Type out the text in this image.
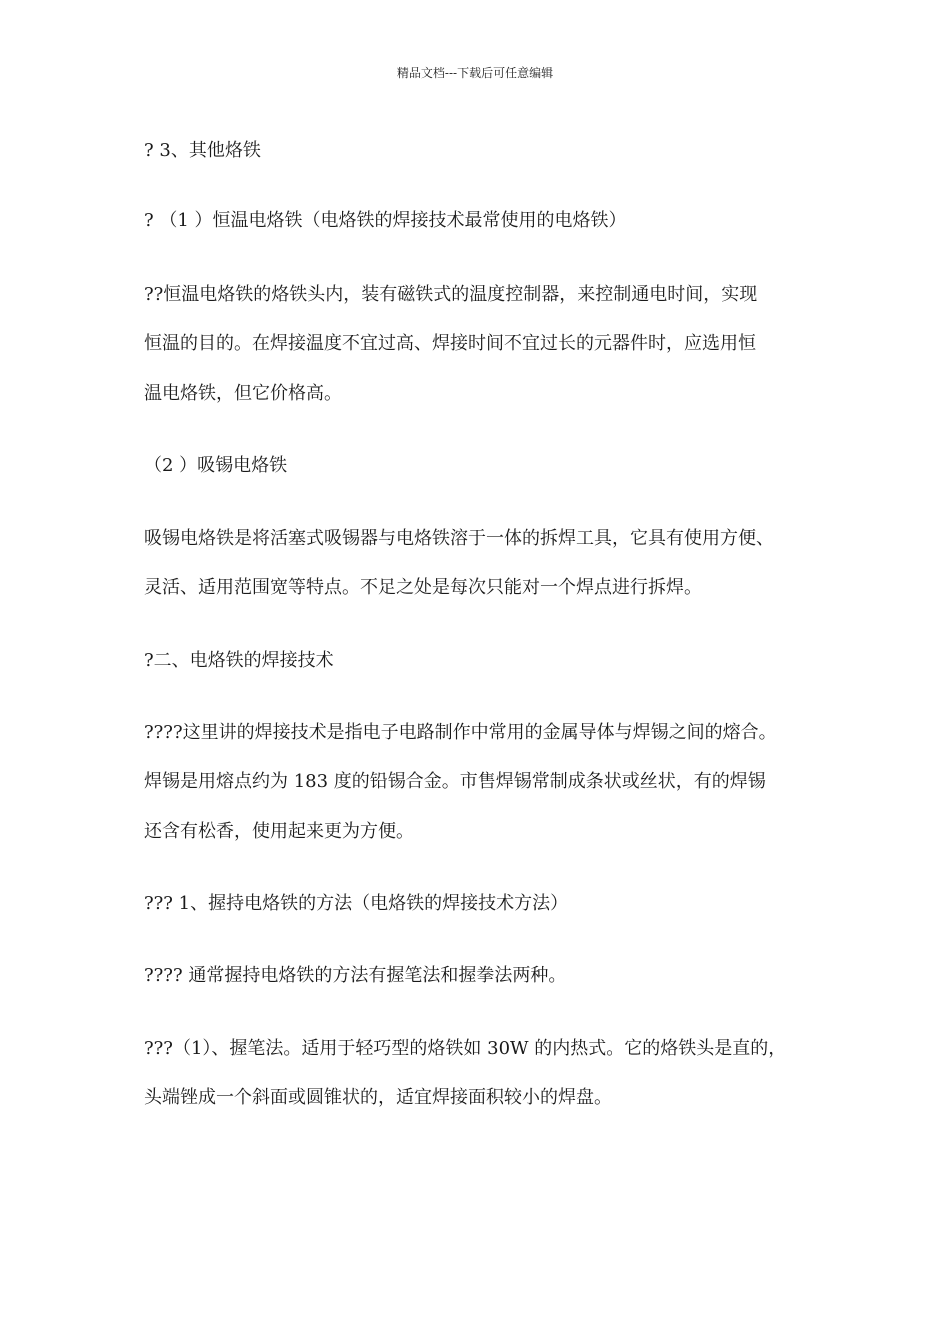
精品文档---下载后可任意编辑
? 3、其他烙铁
? （1 ）恒温电烙铁（电烙铁的焊接技术最常使用的电烙铁）
??恒温电烙铁的烙铁头内，装有磁铁式的温度控制器，来控制通电时间，实现
恒温的目的。在焊接温度不宜过高、焊接时间不宜过长的元器件时，应选用恒
温电烙铁，但它价格高。
（2 ）吸锡电烙铁
吸锡电烙铁是将活塞式吸锡器与电烙铁溶于一体的拆焊工具，它具有使用方便、
灵活、适用范围宽等特点。不足之处是每次只能对一个焊点进行拆焊。
?二、电烙铁的焊接技术
????这里讲的焊接技术是指电子电路制作中常用的金属导体与焊锡之间的熔合。
焊锡是用熔点约为 183 度的铅锡合金。市售焊锡常制成条状或丝状，有的焊锡
还含有松香，使用起来更为方便。
??? 1、握持电烙铁的方法（电烙铁的焊接技术方法）
???? 通常握持电烙铁的方法有握笔法和握拳法两种。
???（1）、握笔法。适用于轻巧型的烙铁如 30W 的内热式。它的烙铁头是直的，
头端锉成一个斜面或圆锥状的，适宜焊接面积较小的焊盘。
